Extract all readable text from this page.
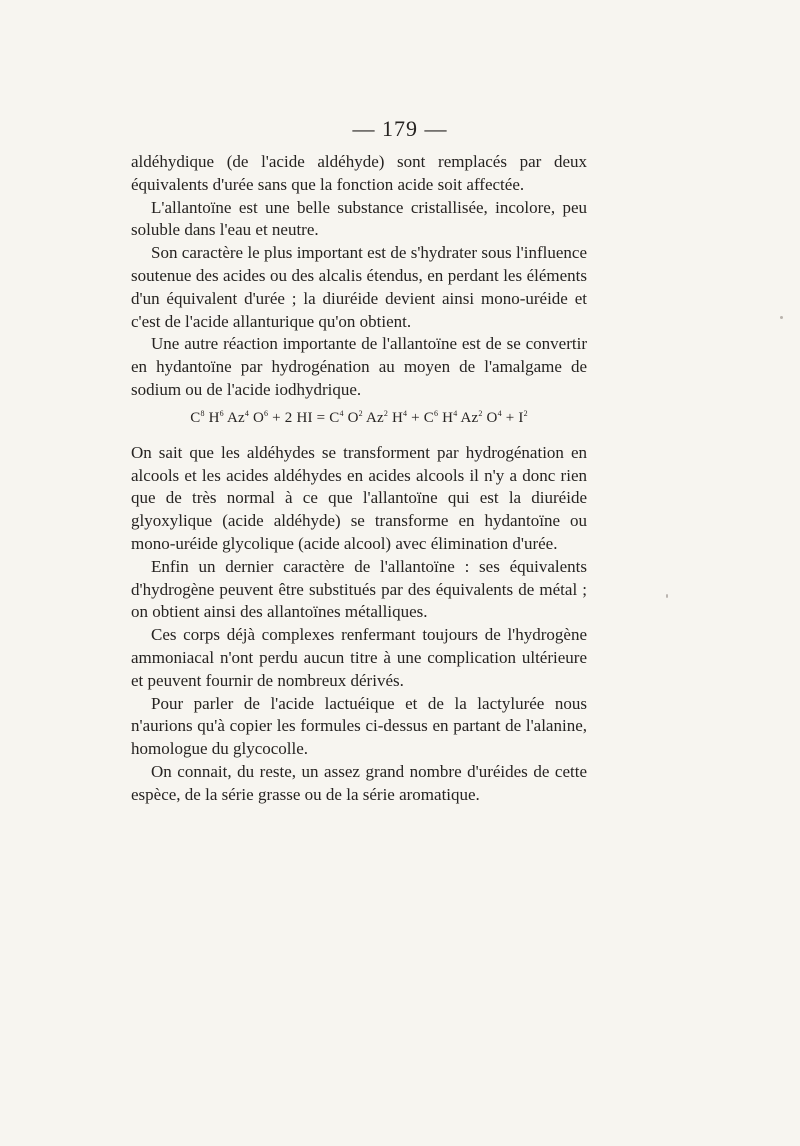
— 179 —

aldéhydique (de l'acide aldéhyde) sont remplacés par deux équivalents d'urée sans que la fonction acide soit affectée.

L'allantoïne est une belle substance cristallisée, incolore, peu soluble dans l'eau et neutre.

Son caractère le plus important est de s'hydrater sous l'influence soutenue des acides ou des alcalis étendus, en perdant les éléments d'un équivalent d'urée ; la diuréide devient ainsi mono-uréide et c'est de l'acide allanturique qu'on obtient.

Une autre réaction importante de l'allantoïne est de se convertir en hydantoïne par hydrogénation au moyen de l'amalgame de sodium ou de l'acide iodhydrique.

$C^8$ $H^6$ Az$^4$ $O^6 + 2$ HI = $C^4$ $O^2$ Az$^2$ $H^4 + C^6$ $H^4$ Az$^2$ $O^4 + I^2$

On sait que les aldéhydes se transforment par hydrogénation en alcools et les acides aldéhydes en acides alcools il n'y a donc rien que de très normal à ce que l'allantoïne qui est la diuréide glyoxylique (acide aldéhyde) se transforme en hydantoïne ou mono-uréide glycolique (acide alcool) avec élimination d'urée.

Enfin un dernier caractère de l'allantoïne : ses équivalents d'hydrogène peuvent être substitués par des équivalents de métal ; on obtient ainsi des allantoïnes métalliques.

Ces corps déjà complexes renfermant toujours de l'hydrogène ammoniacal n'ont perdu aucun titre à une complication ultérieure et peuvent fournir de nombreux dérivés.

Pour parler de l'acide lactuéique et de la lactylurée nous n'aurions qu'à copier les formules ci-dessus en partant de l'alanine, homologue du glycocolle.

On connait, du reste, un assez grand nombre d'uréides de cette espèce, de la série grasse ou de la série aromatique.
